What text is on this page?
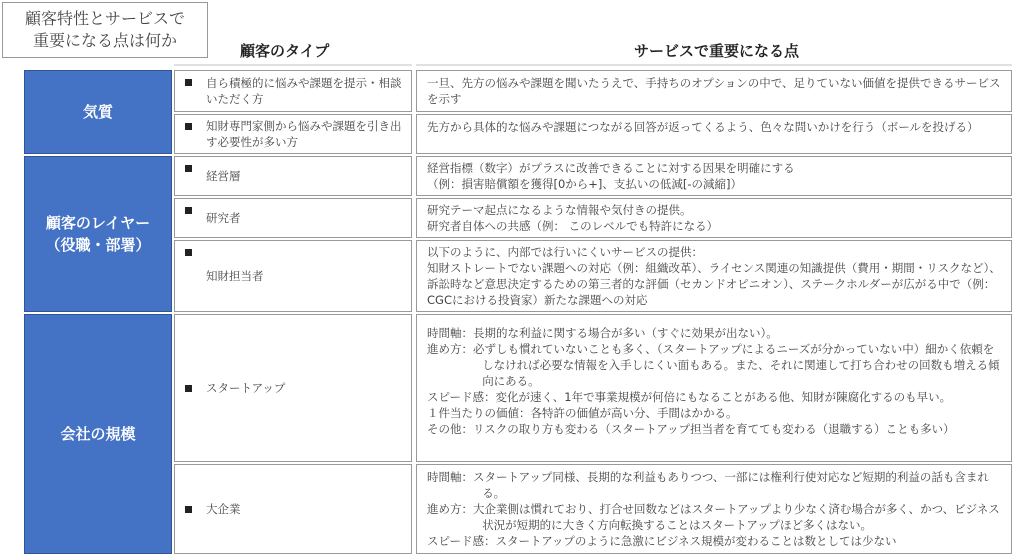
顧客特性とサービスで
重要になる点は何か
顧客のタイプ	サービスで重要になる点
気質
顧客のレイヤー
（役職・部署）
会社の規模
自ら積極的に悩みや課題を提示・相談いただく方
一旦、先方の悩みや課題を聞いたうえで、手持ちのオプションの中で、足りていない価値を提供できるサービスを示す
知財専門家側から悩みや課題を引き出す必要性が多い方
先方から具体的な悩みや課題につながる回答が返ってくるよう、色々な問いかけを行う（ボールを投げる）
経営層
経営指標（数字）がプラスに改善できることに対する因果を明確にする
（例：損害賠償額を獲得[0から+]、支払いの低減[-の減縮]）
研究者
研究テーマ起点になるような情報や気付きの提供。
研究者自体への共感（例： このレベルでも特許になる）
知財担当者
以下のように、内部では行いにくいサービスの提供：
知財ストレートでない課題への対応（例：組織改革）、ライセンス関連の知識提供（費用・期間・リスクなど）、訴訟時など意思決定するための第三者的な評価（セカンドオピニオン）、ステークホルダーが広がる中で（例：CGCにおける投資家）新たな課題への対応
スタートアップ
時間軸：長期的な利益に関する場合が多い（すぐに効果が出ない）。
進め方：必ずしも慣れていないことも多く、（スタートアップによるニーズが分かっていない中）細かく依頼をしなければ必要な情報を入手しにくい面もある。また、それに関連して打ち合わせの回数も増える傾向にある。
スピード感：変化が速く、1年で事業規模が何倍にもなることがある他、知財が陳腐化するのも早い。
１件当たりの価値：各特許の価値が高い分、手間はかかる。
その他：リスクの取り方も変わる（スタートアップ担当者を育てても変わる（退職する）ことも多い）
大企業
時間軸：スタートアップ同様、長期的な利益もありつつ、一部には権利行使対応など短期的利益の話も含まれる。
進め方：大企業側は慣れており、打合せ回数などはスタートアップより少なく済む場合が多く、かつ、ビジネス状況が短期的に大きく方向転換することはスタートアップほど多くはない。
スピード感：スタートアップのように急激にビジネス規模が変わることは数としては少ない
